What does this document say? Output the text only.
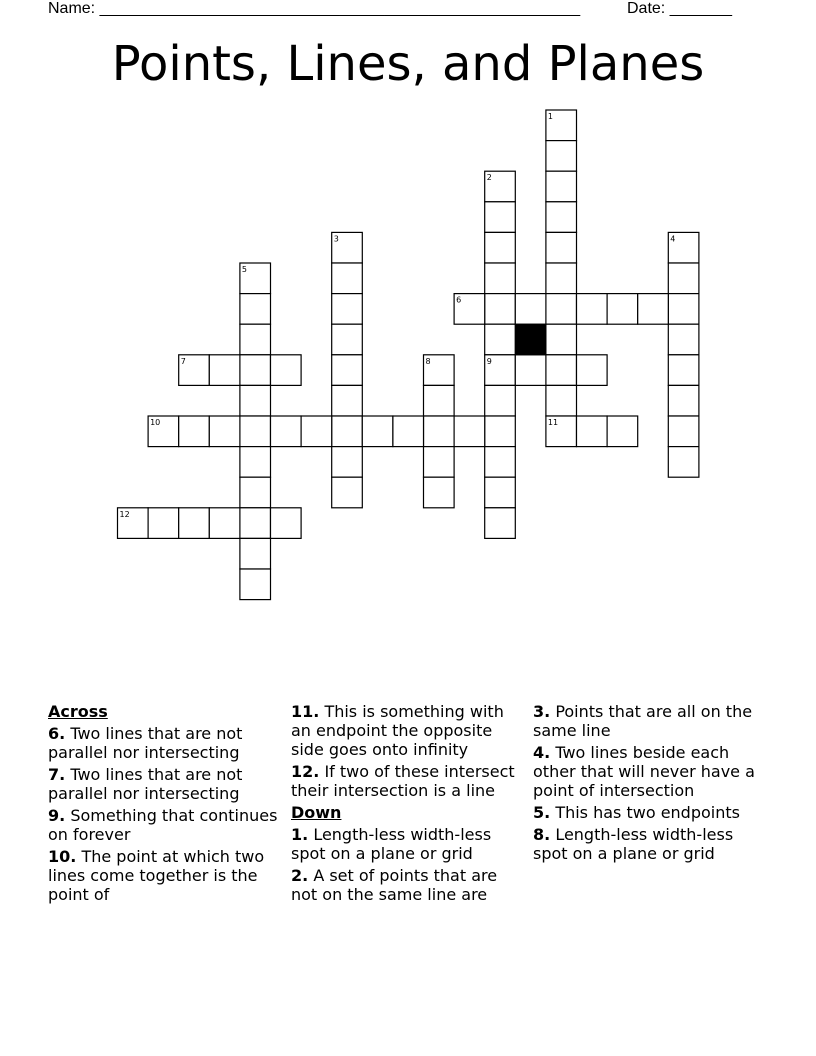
Name: ______________________________________________________	Date: _______
Points, Lines, and Planes
1
2
3	4
5
6
7	8	9
10	11
12
Across
6. Two lines that are not parallel nor intersecting
7. Two lines that are not parallel nor intersecting
9. Something that continues on forever
10. The point at which two lines come together is the point of
11. This is something with an endpoint the opposite side goes onto infinity
12. If two of these intersect their intersection is a line
Down
1. Length-less width-less spot on a plane or grid
2. A set of points that are not on the same line are
3. Points that are all on the same line
4. Two lines beside each other that will never have a point of intersection
5. This has two endpoints
8. Length-less width-less spot on a plane or grid
